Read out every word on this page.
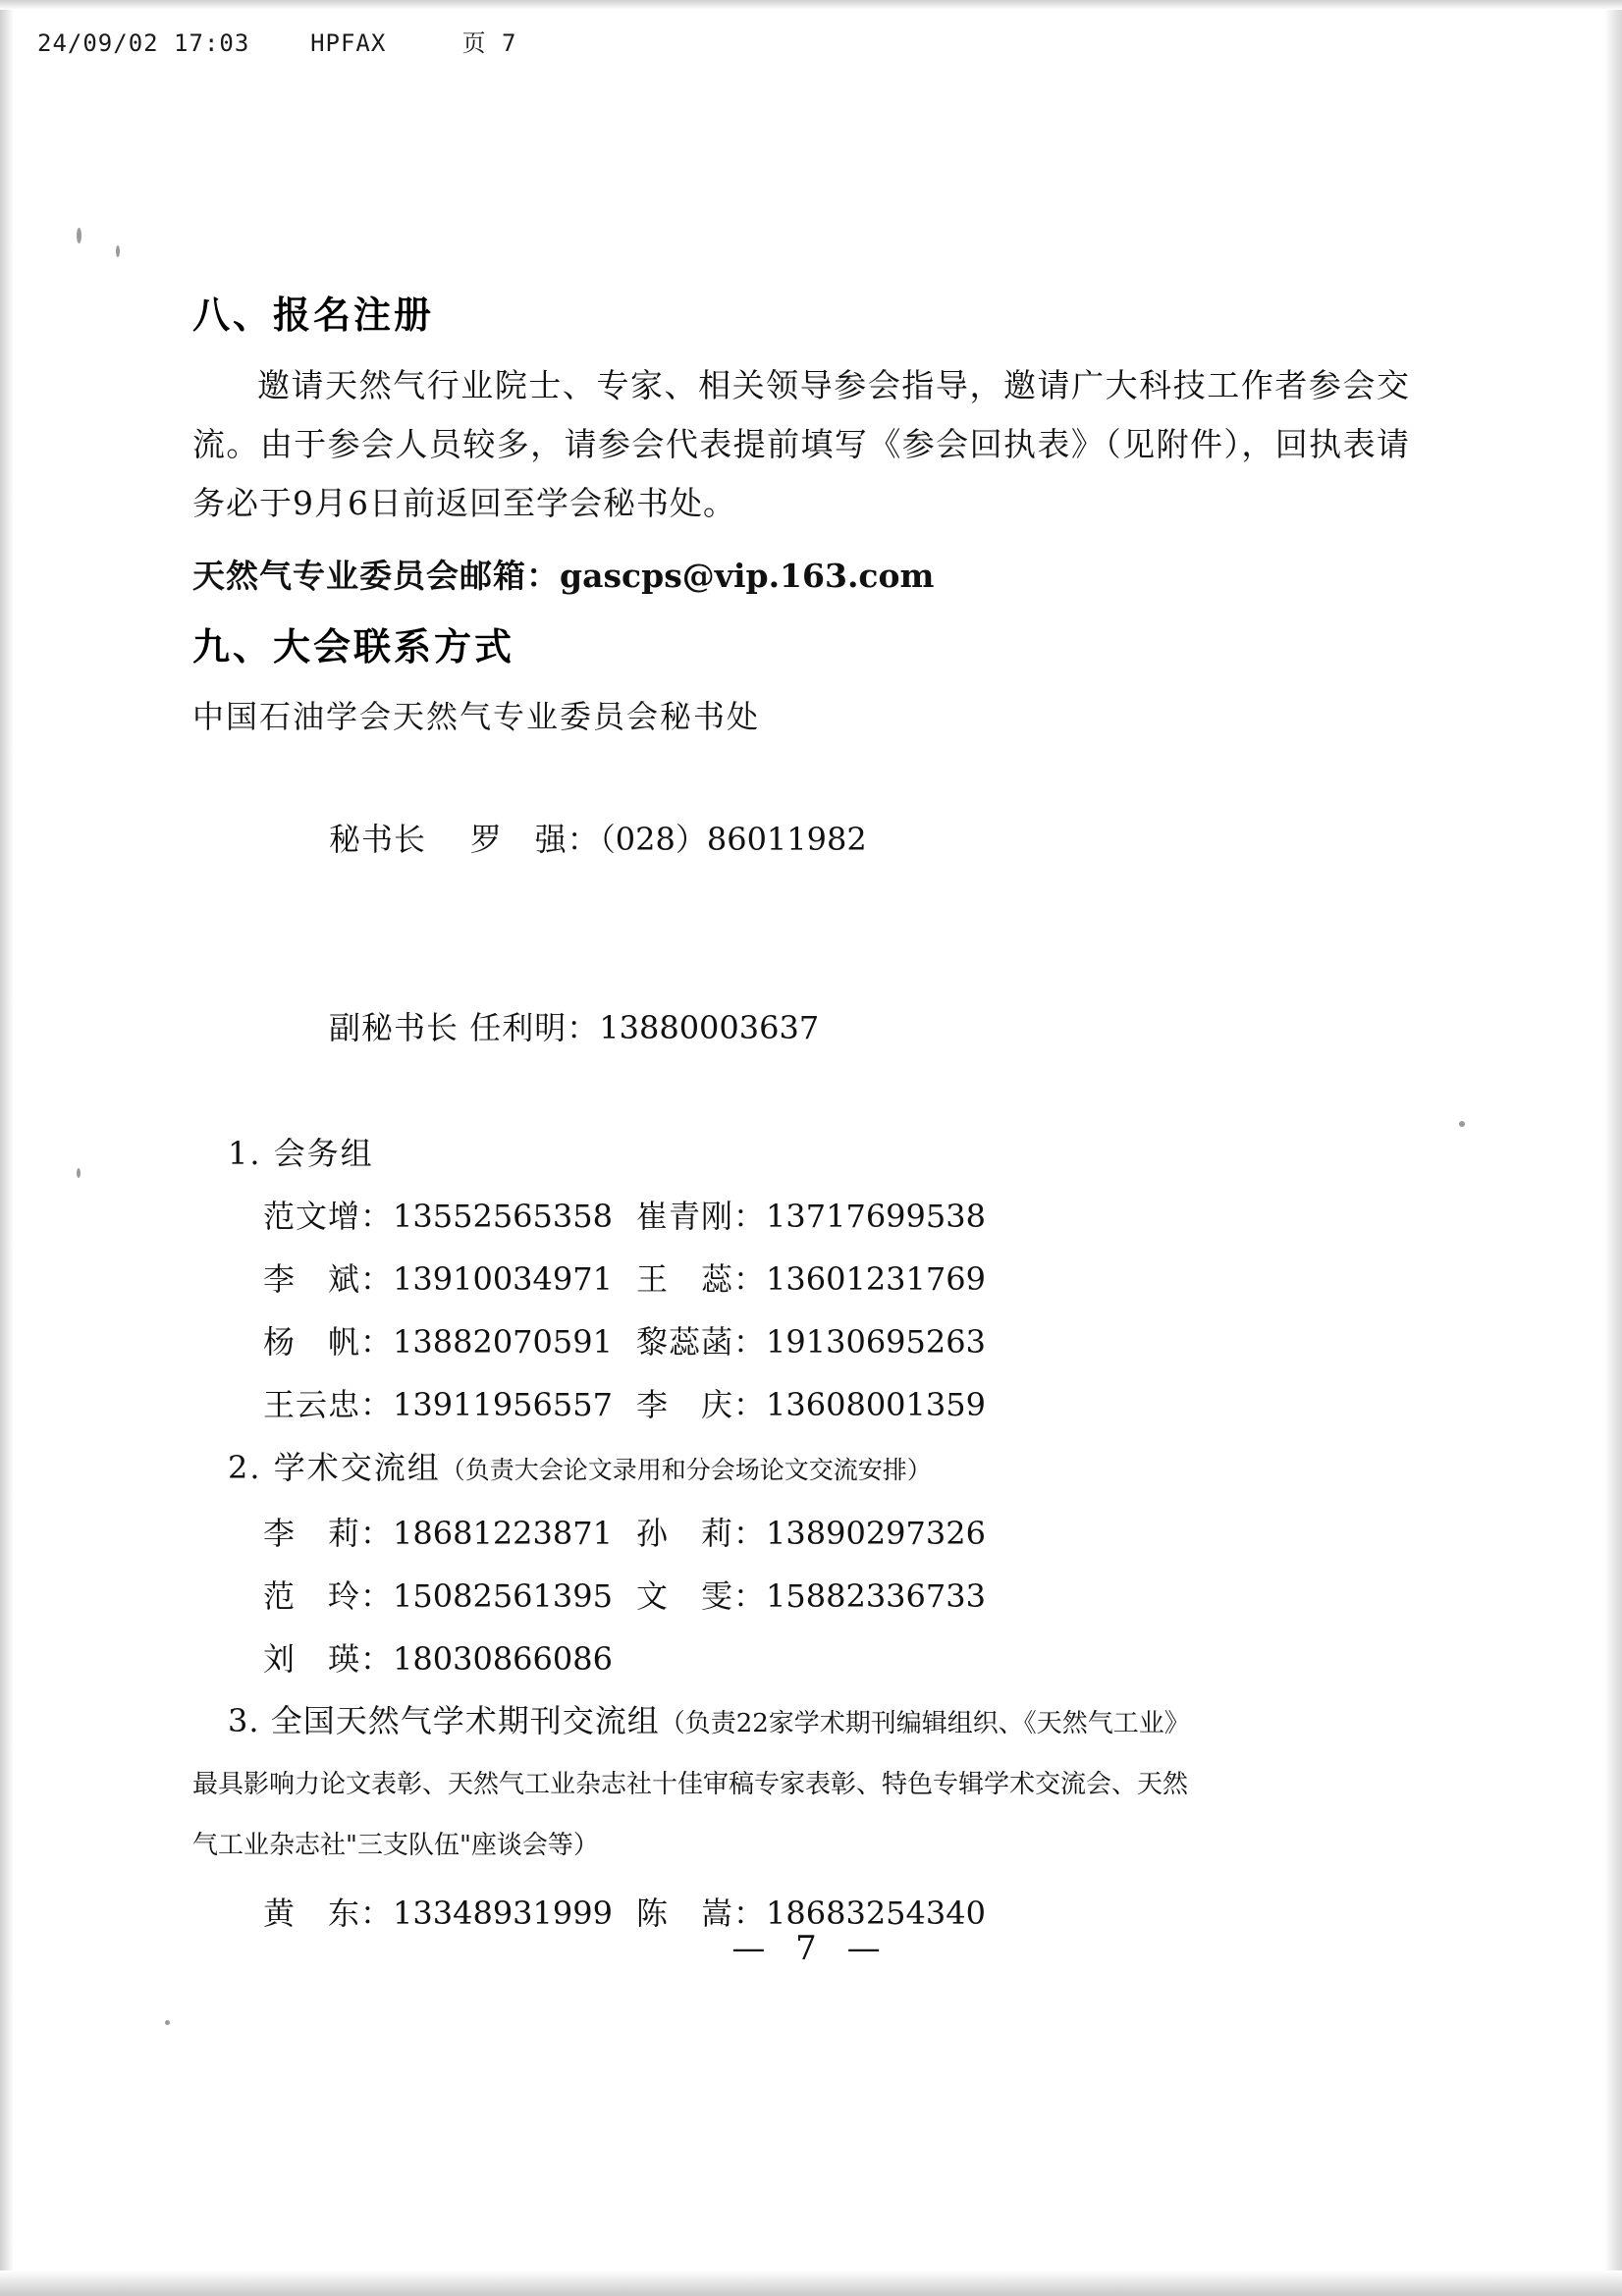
24/09/02 17:03    HPFAX     页 7
八、报名注册

邀请天然气行业院士、专家、相关领导参会指导，邀请广大科技工作者参会交流。由于参会人员较多，请参会代表提前填写《参会回执表》（见附件），回执表请务必于9月6日前返回至学会秘书处。

天然气专业委员会邮箱：gascps@vip.163.com
九、大会联系方式
中国石油学会天然气专业委员会秘书处

秘书长 罗　强：（028）86011982

副秘书长 任利明：13880003637

1. 会务组
范文增：13552565358 崔青刚：13717699538
李　斌：13910034971 王　蕊：13601231769
杨　帆：13882070591 黎蕊菡：19130695263
王云忠：13911956557 李　庆：13608001359
2. 学术交流组（负责大会论文录用和分会场论文交流安排）
李　莉：18681223871 孙　莉：13890297326
范　玲：15082561395 文　雯：15882336733
刘　瑛：18030866086
3. 全国天然气学术期刊交流组（负责22家学术期刊编辑组织、《天然气工业》
最具影响力论文表彰、天然气工业杂志社十佳审稿专家表彰、特色专辑学术交流会、天然
气工业杂志社"三支队伍"座谈会等）
黄　东：13348931999 陈　嵩：18683254340
— 7 —
